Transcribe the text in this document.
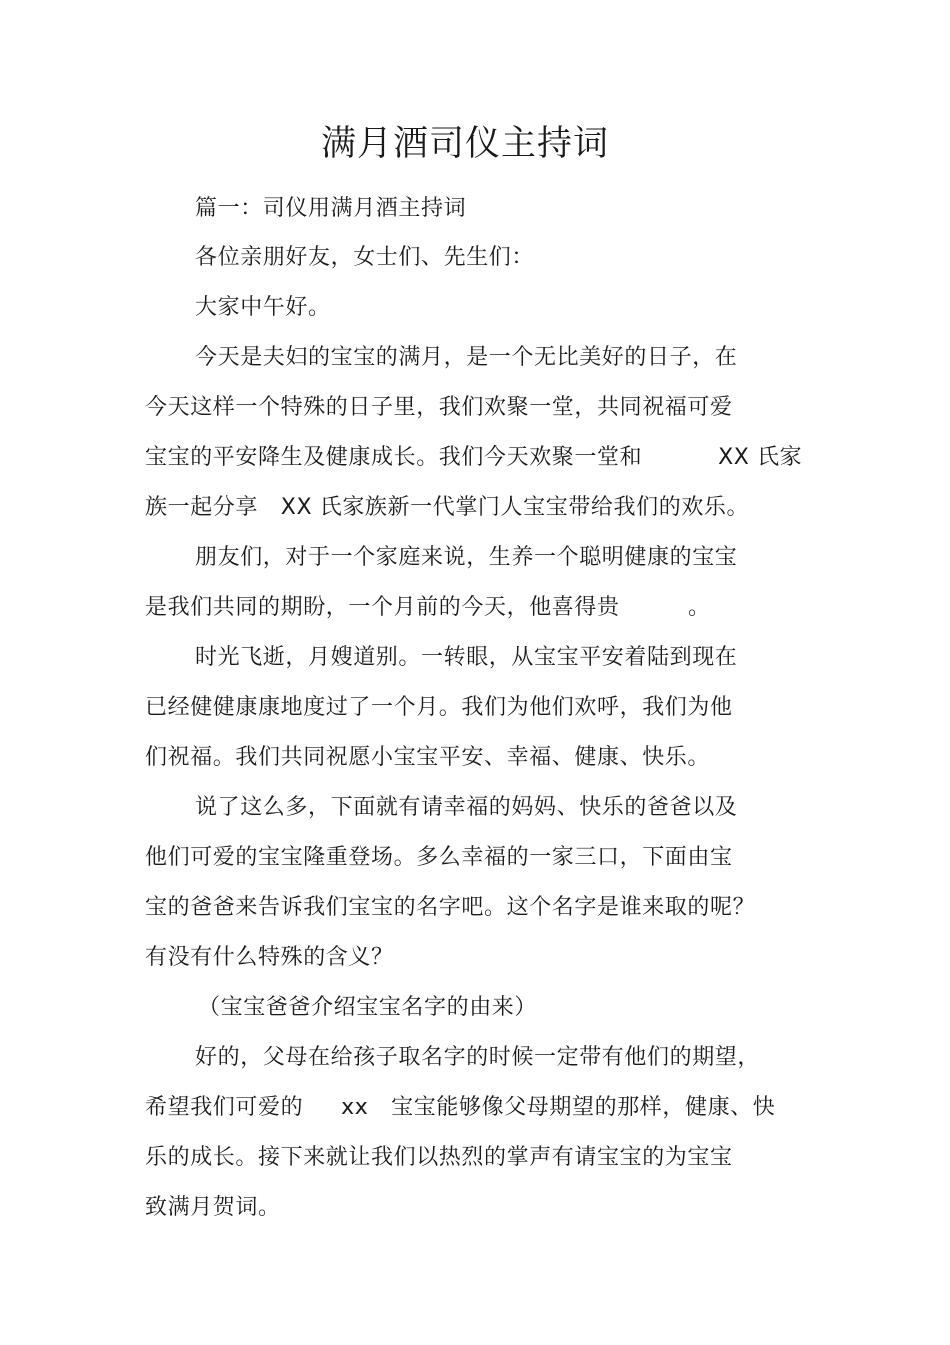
满月酒司仪主持词
篇一：司仪用满月酒主持词
各位亲朋好友，女士们、先生们：
大家中午好。
今天是夫妇的宝宝的满月，是一个无比美好的日子，在
今天这样一个特殊的日子里，我们欢聚一堂，共同祝福可爱
宝宝的平安降生及健康成长。我们今天欢聚一堂和          XX 氏家
族一起分享   XX 氏家族新一代掌门人宝宝带给我们的欢乐。
朋友们，对于一个家庭来说，生养一个聪明健康的宝宝
是我们共同的期盼，一个月前的今天，他喜得贵         。
时光飞逝，月嫂道别。一转眼，从宝宝平安着陆到现在
已经健健康康地度过了一个月。我们为他们欢呼，我们为他
们祝福。我们共同祝愿小宝宝平安、幸福、健康、快乐。
说了这么多，下面就有请幸福的妈妈、快乐的爸爸以及
他们可爱的宝宝隆重登场。多么幸福的一家三口，下面由宝
宝的爸爸来告诉我们宝宝的名字吧。这个名字是谁来取的呢？
有没有什么特殊的含义？
（宝宝爸爸介绍宝宝名字的由来）
好的，父母在给孩子取名字的时候一定带有他们的期望，
希望我们可爱的     xx   宝宝能够像父母期望的那样，健康、快
乐的成长。接下来就让我们以热烈的掌声有请宝宝的为宝宝
致满月贺词。
